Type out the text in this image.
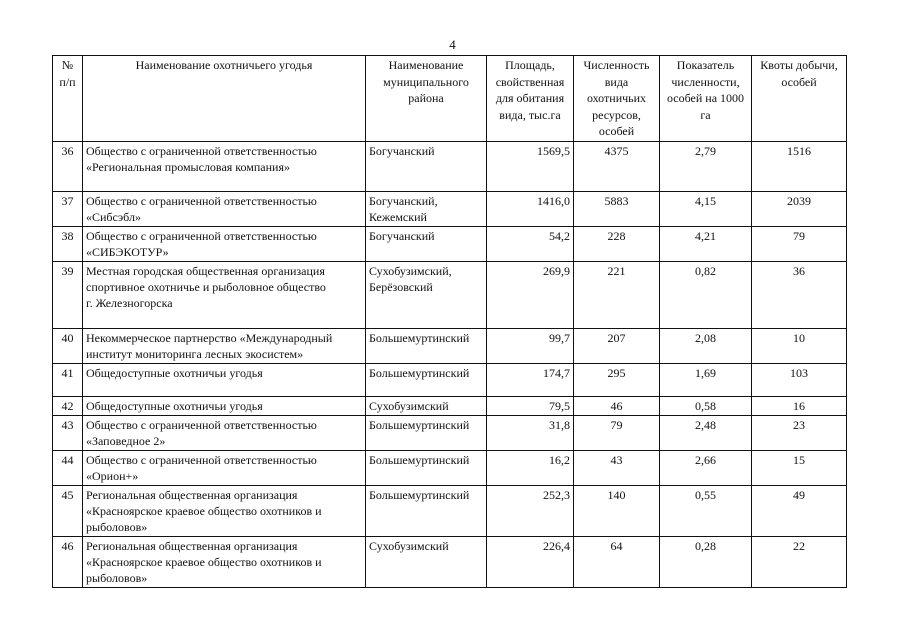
4
№
п/п	Наименование охотничьего угодья	Наименование
муниципального
района	Площадь,
свойственная
для обитания
вида, тыс.га	Численность
вида
охотничьих
ресурсов,
особей	Показатель
численности,
особей на 1000
га	Квоты добычи,
особей

36	Общество с ограниченной ответственностью
«Региональная промысловая компания»	Богучанский	1569,5	4375	2,79	1516
37	Общество с ограниченной ответственностью
«Сибсэбл»	Богучанский,
Кежемский	1416,0	5883	4,15	2039
38	Общество с ограниченной ответственностью
«СИБЭКОТУР»	Богучанский	54,2	228	4,21	79
39	Местная городская общественная организация
спортивное охотничье и рыболовное общество
г. Железногорска	Сухобузимский,
Берёзовский	269,9	221	0,82	36
40	Некоммерческое партнерство «Международный
институт мониторинга лесных экосистем»	Большемуртинский	99,7	207	2,08	10
41	Общедоступные охотничьи угодья	Большемуртинский	174,7	295	1,69	103
42	Общедоступные охотничьи угодья	Сухобузимский	79,5	46	0,58	16
43	Общество с ограниченной ответственностью
«Заповедное 2»	Большемуртинский	31,8	79	2,48	23
44	Общество с ограниченной ответственностью
«Орион+»	Большемуртинский	16,2	43	2,66	15
45	Региональная общественная организация
«Красноярское краевое общество охотников и
рыболовов»	Большемуртинский	252,3	140	0,55	49
46	Региональная общественная организация
«Красноярское краевое общество охотников и
рыболовов»	Сухобузимский	226,4	64	0,28	22
